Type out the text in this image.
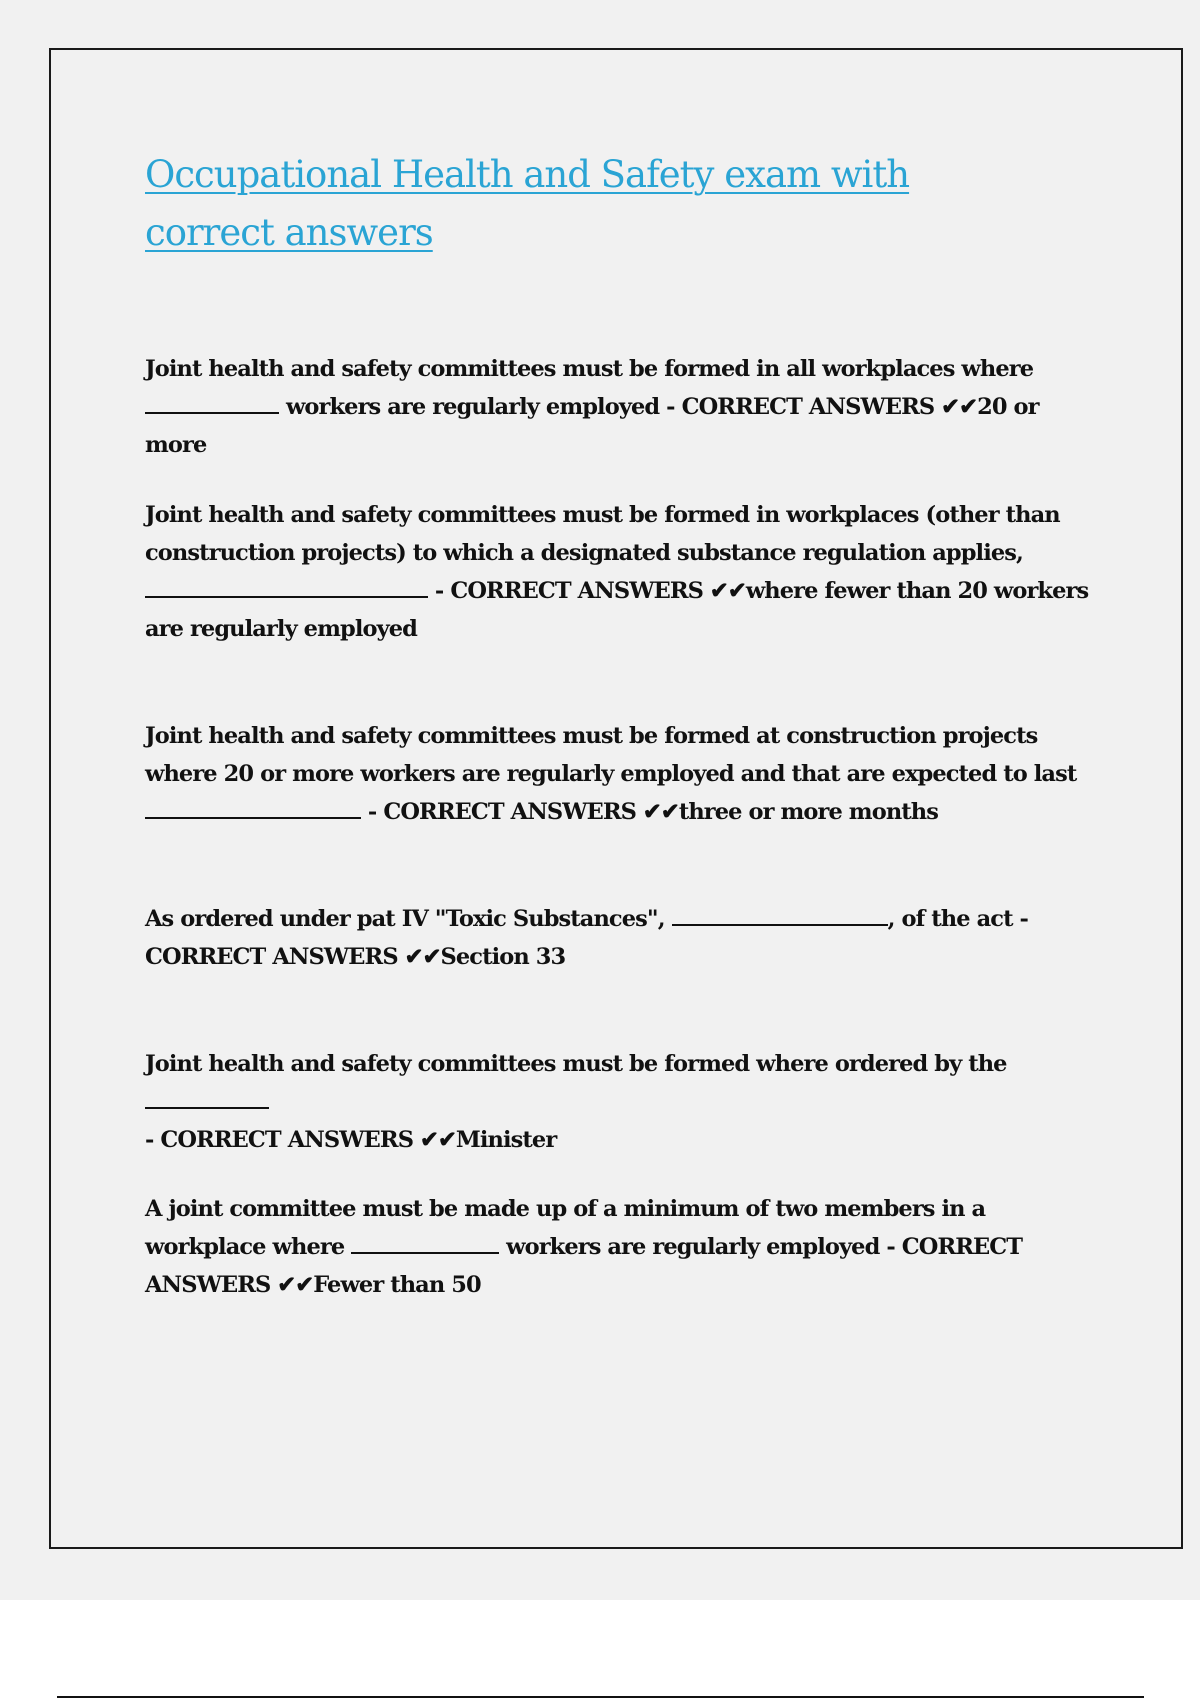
Occupational Health and Safety exam with correct answers

Joint health and safety committees must be formed in all workplaces where
workers are regularly employed - CORRECT ANSWERS ✔✔20 or more

Joint health and safety committees must be formed in workplaces (other than construction projects) to which a designated substance regulation applies,
- CORRECT ANSWERS ✔✔where fewer than 20 workers are regularly employed

Joint health and safety committees must be formed at construction projects where 20 or more workers are regularly employed and that are expected to last
- CORRECT ANSWERS ✔✔three or more months

As ordered under pat IV "Toxic Substances",	, of the act - CORRECT ANSWERS ✔✔Section 33

Joint health and safety committees must be formed where ordered by the
- CORRECT ANSWERS ✔✔Minister

A joint committee must be made up of a minimum of two members in a workplace where	workers are regularly employed - CORRECT ANSWERS ✔✔Fewer than 50
